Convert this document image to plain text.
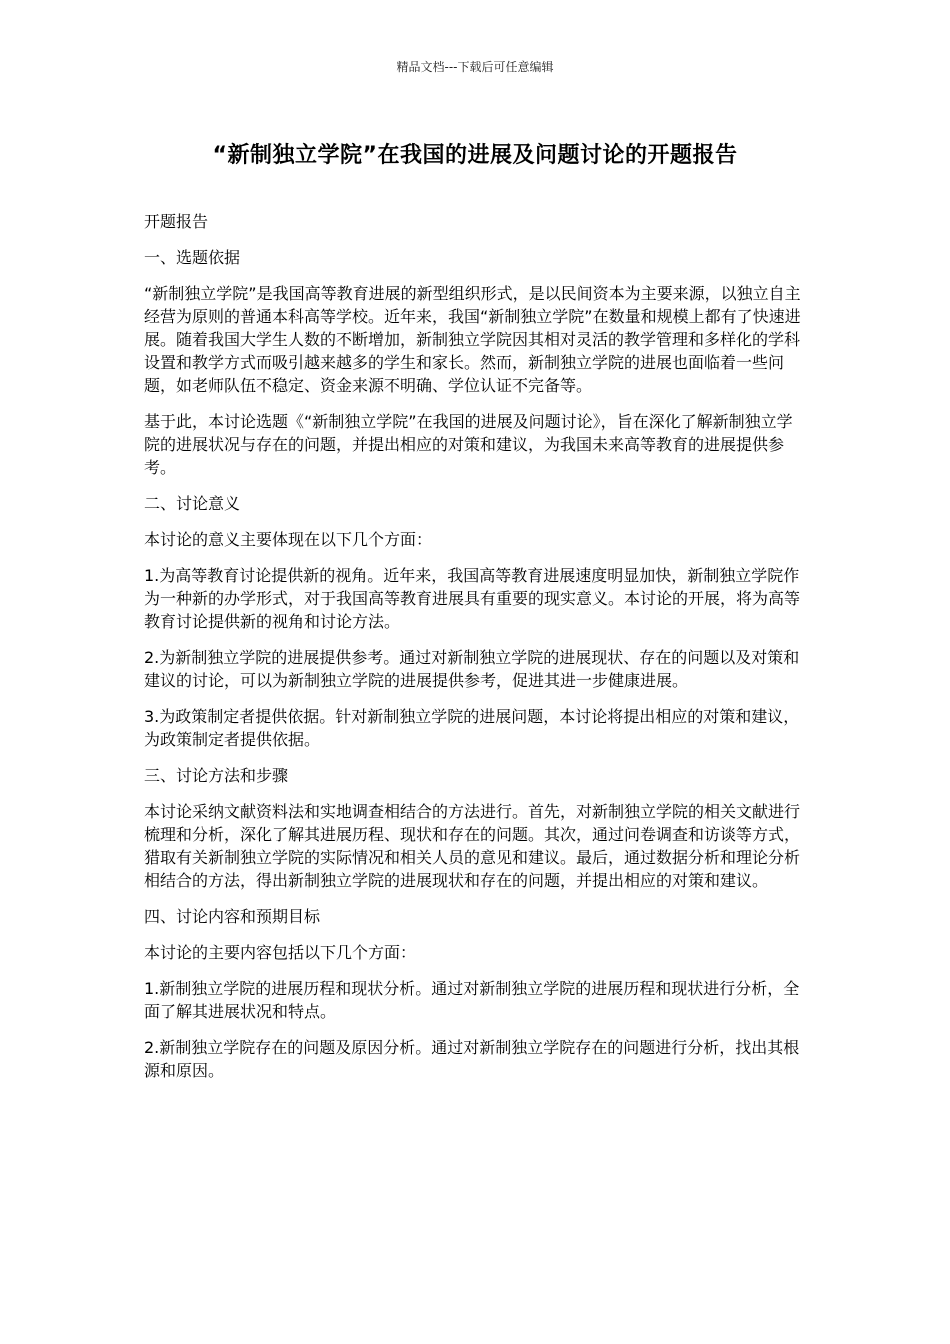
精品文档---下载后可任意编辑
“新制独立学院”在我国的进展及问题讨论的开题报告

开题报告

一、选题依据

“新制独立学院”是我国高等教育进展的新型组织形式，是以民间资本为主要来源，以独立自主经营为原则的普通本科高等学校。近年来，我国“新制独立学院”在数量和规模上都有了快速进展。随着我国大学生人数的不断增加，新制独立学院因其相对灵活的教学管理和多样化的学科设置和教学方式而吸引越来越多的学生和家长。然而，新制独立学院的进展也面临着一些问题，如老师队伍不稳定、资金来源不明确、学位认证不完备等。

基于此，本讨论选题《“新制独立学院”在我国的进展及问题讨论》，旨在深化了解新制独立学院的进展状况与存在的问题，并提出相应的对策和建议，为我国未来高等教育的进展提供参考。

二、讨论意义

本讨论的意义主要体现在以下几个方面：

1.为高等教育讨论提供新的视角。近年来，我国高等教育进展速度明显加快，新制独立学院作为一种新的办学形式，对于我国高等教育进展具有重要的现实意义。本讨论的开展，将为高等教育讨论提供新的视角和讨论方法。

2.为新制独立学院的进展提供参考。通过对新制独立学院的进展现状、存在的问题以及对策和建议的讨论，可以为新制独立学院的进展提供参考，促进其进一步健康进展。

3.为政策制定者提供依据。针对新制独立学院的进展问题，本讨论将提出相应的对策和建议，为政策制定者提供依据。

三、讨论方法和步骤

本讨论采纳文献资料法和实地调查相结合的方法进行。首先，对新制独立学院的相关文献进行梳理和分析，深化了解其进展历程、现状和存在的问题。其次，通过问卷调查和访谈等方式，猎取有关新制独立学院的实际情况和相关人员的意见和建议。最后，通过数据分析和理论分析相结合的方法，得出新制独立学院的进展现状和存在的问题，并提出相应的对策和建议。

四、讨论内容和预期目标

本讨论的主要内容包括以下几个方面：

1.新制独立学院的进展历程和现状分析。通过对新制独立学院的进展历程和现状进行分析，全面了解其进展状况和特点。

2.新制独立学院存在的问题及原因分析。通过对新制独立学院存在的问题进行分析，找出其根源和原因。
